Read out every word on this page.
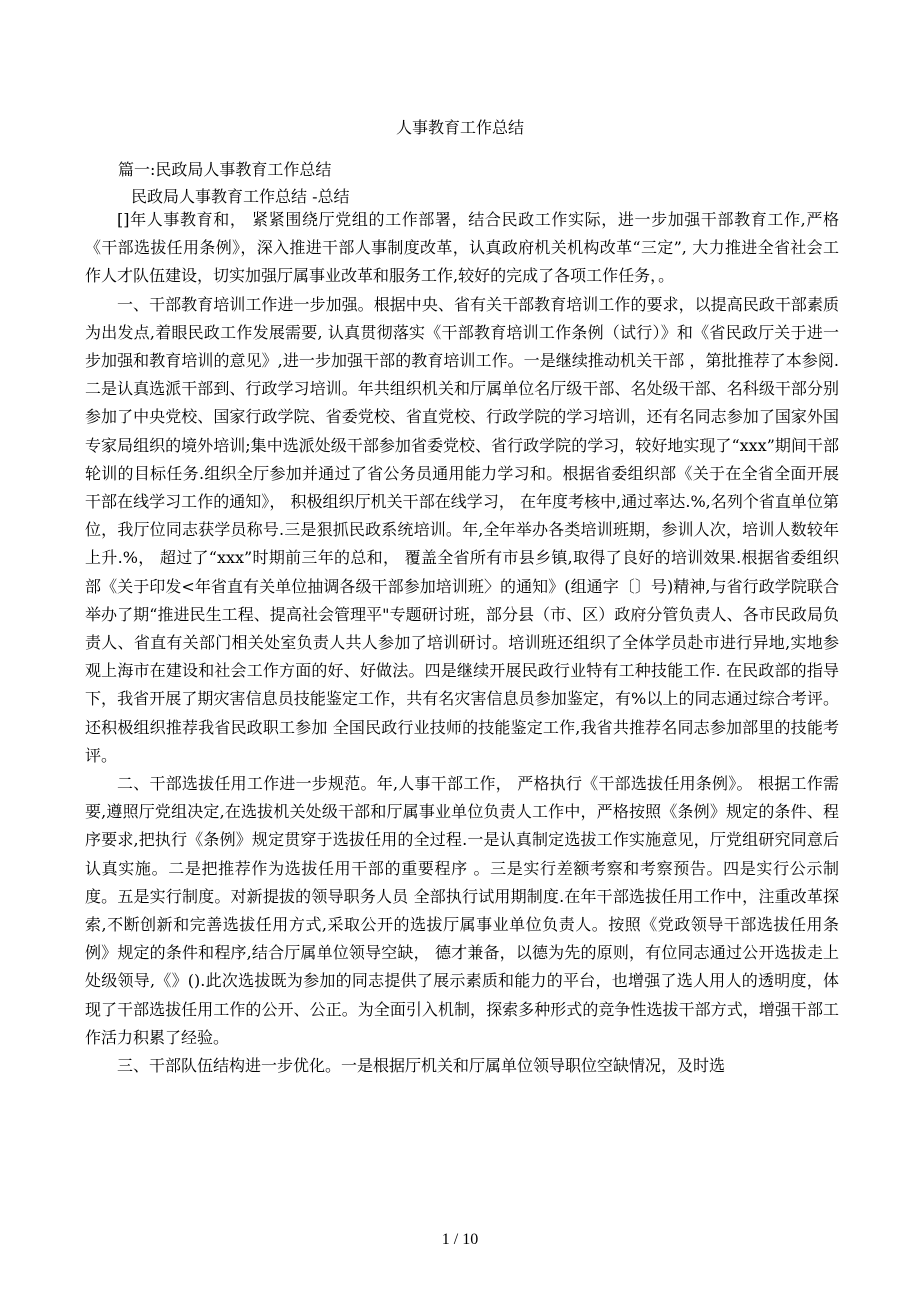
人事教育工作总结
篇一:民政局人事教育工作总结
民政局人事教育工作总结 -总结

[]年人事教育和， 紧紧围绕厅党组的工作部署，结合民政工作实际，进一步加强干部教育工作,严格《干部选拔任用条例》，深入推进干部人事制度改革，认真政府机关机构改革“三定”, 大力推进全省社会工作人才队伍建设，切实加强厅属事业改革和服务工作,较好的完成了各项工作任务，。

一、干部教育培训工作进一步加强。根据中央、省有关干部教育培训工作的要求，以提高民政干部素质为出发点,着眼民政工作发展需要, 认真贯彻落实《干部教育培训工作条例（试行）》和《省民政厅关于进一步加强和教育培训的意见》,进一步加强干部的教育培训工作。一是继续推动机关干部 ，第批推荐了本参阅.二是认真选派干部到、行政学习培训。年共组织机关和厅属单位名厅级干部、名处级干部、名科级干部分别参加了中央党校、国家行政学院、省委党校、省直党校、行政学院的学习培训，还有名同志参加了国家外国专家局组织的境外培训;集中选派处级干部参加省委党校、省行政学院的学习，较好地实现了“xxx”期间干部轮训的目标任务.组织全厅参加并通过了省公务员通用能力学习和。根据省委组织部《关于在全省全面开展干部在线学习工作的通知》， 积极组织厅机关干部在线学习， 在年度考核中,通过率达.%,名列个省直单位第位，我厅位同志获学员称号.三是狠抓民政系统培训。年,全年举办各类培训班期，参训人次，培训人数较年上升.%， 超过了“xxx”时期前三年的总和， 覆盖全省所有市县乡镇,取得了良好的培训效果.根据省委组织部《关于印发<年省直有关单位抽调各级干部参加培训班〉的通知》(组通字〔〕号)精神,与省行政学院联合举办了期“推进民生工程、提高社会管理平"专题研讨班，部分县（市、区）政府分管负责人、各市民政局负责人、省直有关部门相关处室负责人共人参加了培训研讨。培训班还组织了全体学员赴市进行异地,实地参观上海市在建设和社会工作方面的好、好做法。四是继续开展民政行业特有工种技能工作. 在民政部的指导下，我省开展了期灾害信息员技能鉴定工作，共有名灾害信息员参加鉴定，有%以上的同志通过综合考评。还积极组织推荐我省民政职工参加 全国民政行业技师的技能鉴定工作,我省共推荐名同志参加部里的技能考评。

二、干部选拔任用工作进一步规范。年,人事干部工作， 严格执行《干部选拔任用条例》。 根据工作需要,遵照厅党组决定,在选拔机关处级干部和厅属事业单位负责人工作中，严格按照《条例》规定的条件、程序要求,把执行《条例》规定贯穿于选拔任用的全过程.一是认真制定选拔工作实施意见，厅党组研究同意后认真实施。二是把推荐作为选拔任用干部的重要程序 。三是实行差额考察和考察预告。四是实行公示制度。五是实行制度。对新提拔的领导职务人员 全部执行试用期制度.在年干部选拔任用工作中，注重改革探索,不断创新和完善选拔任用方式,采取公开的选拔厅属事业单位负责人。按照《党政领导干部选拔任用条例》规定的条件和程序,结合厅属单位领导空缺， 德才兼备，以德为先的原则，有位同志通过公开选拔走上处级领导,《》().此次选拔既为参加的同志提供了展示素质和能力的平台，也增强了选人用人的透明度，体现了干部选拔任用工作的公开、公正。为全面引入机制，探索多种形式的竞争性选拔干部方式，增强干部工作活力积累了经验。

三、干部队伍结构进一步优化。一是根据厅机关和厅属单位领导职位空缺情况，及时选

1 / 10
